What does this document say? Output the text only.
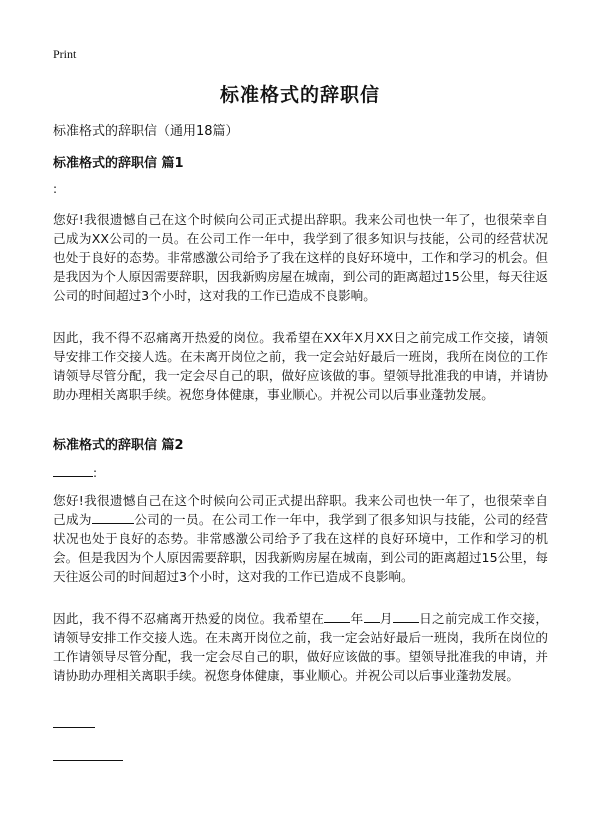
Print
标准格式的辞职信
标准格式的辞职信（通用18篇）
标准格式的辞职信 篇1
:

您好!我很遗憾自己在这个时候向公司正式提出辞职。我来公司也快一年了，也很荣幸自己成为XX公司的一员。在公司工作一年中，我学到了很多知识与技能，公司的经营状况也处于良好的态势。非常感激公司给予了我在这样的良好环境中，工作和学习的机会。但是我因为个人原因需要辞职，因我新购房屋在城南，到公司的距离超过15公里，每天往返公司的时间超过3个小时，这对我的工作已造成不良影响。

因此，我不得不忍痛离开热爱的岗位。我希望在XX年X月XX日之前完成工作交接，请领导安排工作交接人选。在未离开岗位之前，我一定会站好最后一班岗，我所在岗位的工作请领导尽管分配，我一定会尽自己的职，做好应该做的事。望领导批准我的申请，并请协助办理相关离职手续。祝您身体健康，事业顺心。并祝公司以后事业蓬勃发展。

标准格式的辞职信 篇2
:

您好!我很遗憾自己在这个时候向公司正式提出辞职。我来公司也快一年了，也很荣幸自己成为	公司的一员。在公司工作一年中，我学到了很多知识与技能，公司的经营状况也处于良好的态势。非常感激公司给予了我在这样的良好环境中，工作和学习的机会。但是我因为个人原因需要辞职，因我新购房屋在城南，到公司的距离超过15公里，每天往返公司的时间超过3个小时，这对我的工作已造成不良影响。

因此，我不得不忍痛离开热爱的岗位。我希望在 年 月 日之前完成工作交接，请领导安排工作交接人选。在未离开岗位之前，我一定会站好最后一班岗，我所在岗位的工作请领导尽管分配，我一定会尽自己的职，做好应该做的事。望领导批准我的申请，并请协助办理相关离职手续。祝您身体健康，事业顺心。并祝公司以后事业蓬勃发展。
